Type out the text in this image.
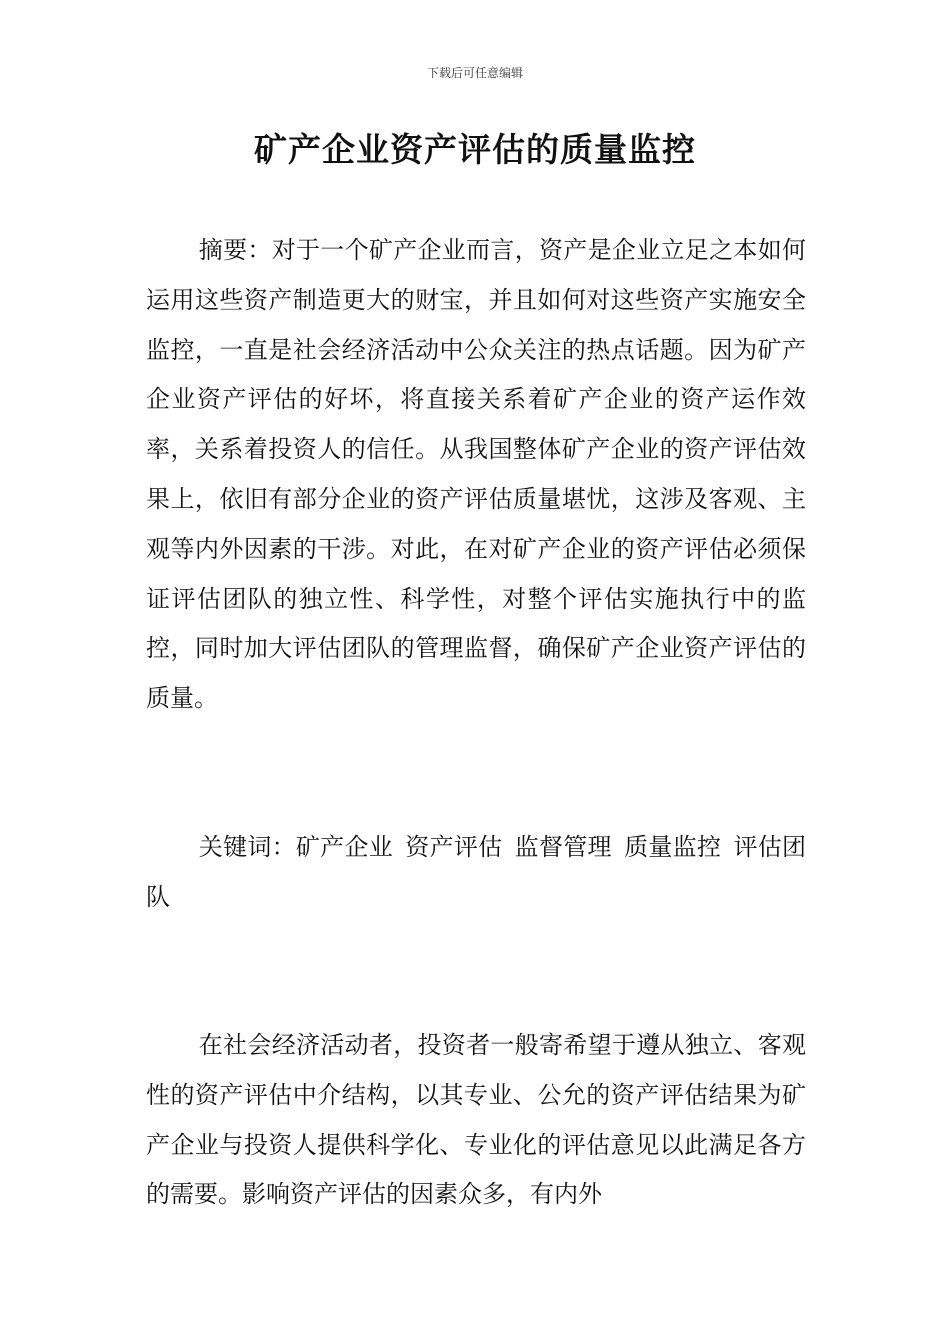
下载后可任意编辑
矿产企业资产评估的质量监控

摘要：对于一个矿产企业而言，资产是企业立足之本如何运用这些资产制造更大的财宝，并且如何对这些资产实施安全监控，一直是社会经济活动中公众关注的热点话题。因为矿产企业资产评估的好坏，将直接关系着矿产企业的资产运作效率，关系着投资人的信任。从我国整体矿产企业的资产评估效果上，依旧有部分企业的资产评估质量堪忧，这涉及客观、主观等内外因素的干涉。对此，在对矿产企业的资产评估必须保证评估团队的独立性、科学性，对整个评估实施执行中的监控，同时加大评估团队的管理监督，确保矿产企业资产评估的质量。

关键词：矿产企业 资产评估 监督管理 质量监控 评估团队

在社会经济活动者，投资者一般寄希望于遵从独立、客观性的资产评估中介结构，以其专业、公允的资产评估结果为矿产企业与投资人提供科学化、专业化的评估意见以此满足各方的需要。影响资产评估的因素众多，有内外
